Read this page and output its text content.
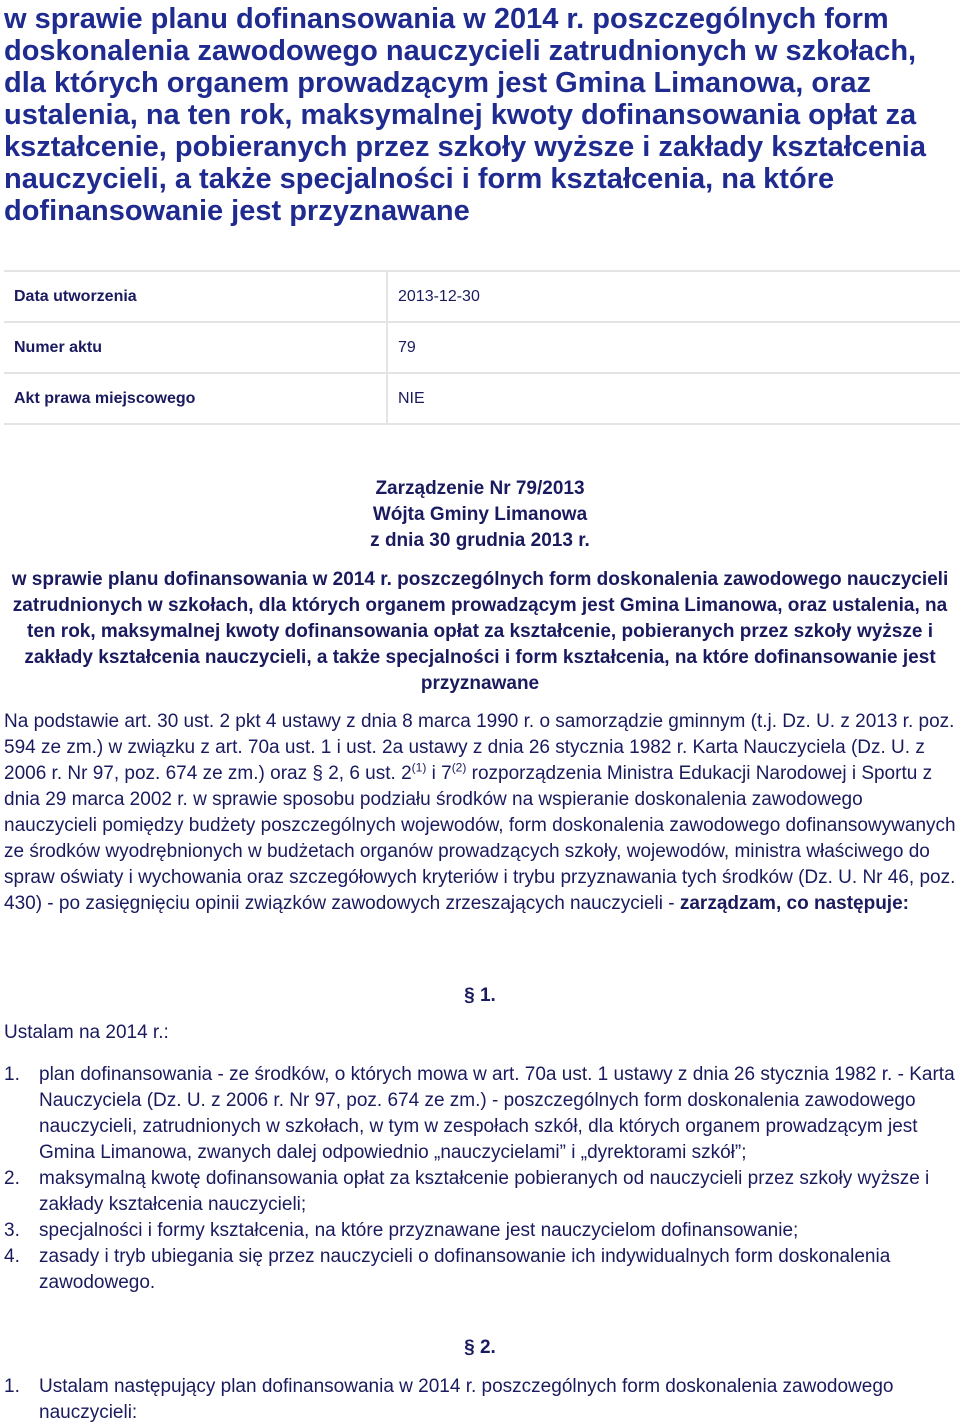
w sprawie planu dofinansowania w 2014 r. poszczególnych form doskonalenia zawodowego nauczycieli zatrudnionych w szkołach, dla których organem prowadzącym jest Gmina Limanowa, oraz ustalenia, na ten rok, maksymalnej kwoty dofinansowania opłat za kształcenie, pobieranych przez szkoły wyższe i zakłady kształcenia nauczycieli, a także specjalności i form kształcenia, na które dofinansowanie jest przyznawane
Data utworzenia	2013-12-30
Numer aktu	79
Akt prawa miejscowego	NIE
Zarządzenie Nr 79/2013
Wójta Gminy Limanowa
z dnia 30 grudnia 2013 r.
w sprawie planu dofinansowania w 2014 r. poszczególnych form doskonalenia zawodowego nauczycieli zatrudnionych w szkołach, dla których organem prowadzącym jest Gmina Limanowa, oraz ustalenia, na ten rok, maksymalnej kwoty dofinansowania opłat za kształcenie, pobieranych przez szkoły wyższe i zakłady kształcenia nauczycieli, a także specjalności i form kształcenia, na które dofinansowanie jest przyznawane
Na podstawie art. 30 ust. 2 pkt 4 ustawy z dnia 8 marca 1990 r. o samorządzie gminnym (t.j. Dz. U. z 2013 r. poz. 594 ze zm.) w związku z art. 70a ust. 1 i ust. 2a ustawy z dnia 26 stycznia 1982 r. Karta Nauczyciela (Dz. U. z 2006 r. Nr 97, poz. 674 ze zm.) oraz § 2, 6 ust. 2$^{(1)}$ i 7$^{(2)}$ rozporządzenia Ministra Edukacji Narodowej i Sportu z dnia 29 marca 2002 r. w sprawie sposobu podziału środków na wspieranie doskonalenia zawodowego nauczycieli pomiędzy budżety poszczególnych wojewodów, form doskonalenia zawodowego dofinansowywanych ze środków wyodrębnionych w budżetach organów prowadzących szkoły, wojewodów, ministra właściwego do spraw oświaty i wychowania oraz szczegółowych kryteriów i trybu przyznawania tych środków (Dz. U. Nr 46, poz. 430) - po zasięgnięciu opinii związków zawodowych zrzeszających nauczycieli - zarządzam, co następuje:
§ 1.
Ustalam na 2014 r.:
1.	plan dofinansowania - ze środków, o których mowa w art. 70a ust. 1 ustawy z dnia 26 stycznia 1982 r. - Karta Nauczyciela (Dz. U. z 2006 r. Nr 97, poz. 674 ze zm.) - poszczególnych form doskonalenia zawodowego nauczycieli, zatrudnionych w szkołach, w tym w zespołach szkół, dla których organem prowadzącym jest Gmina Limanowa, zwanych dalej odpowiednio „nauczycielami” i „dyrektorami szkół”;
2.	maksymalną kwotę dofinansowania opłat za kształcenie pobieranych od nauczycieli przez szkoły wyższe i zakłady kształcenia nauczycieli;
3.	specjalności i formy kształcenia, na które przyznawane jest nauczycielom dofinansowanie;
4.	zasady i tryb ubiegania się przez nauczycieli o dofinansowanie ich indywidualnych form doskonalenia zawodowego.
§ 2.
1.	Ustalam następujący plan dofinansowania w 2014 r. poszczególnych form doskonalenia zawodowego nauczycieli:
